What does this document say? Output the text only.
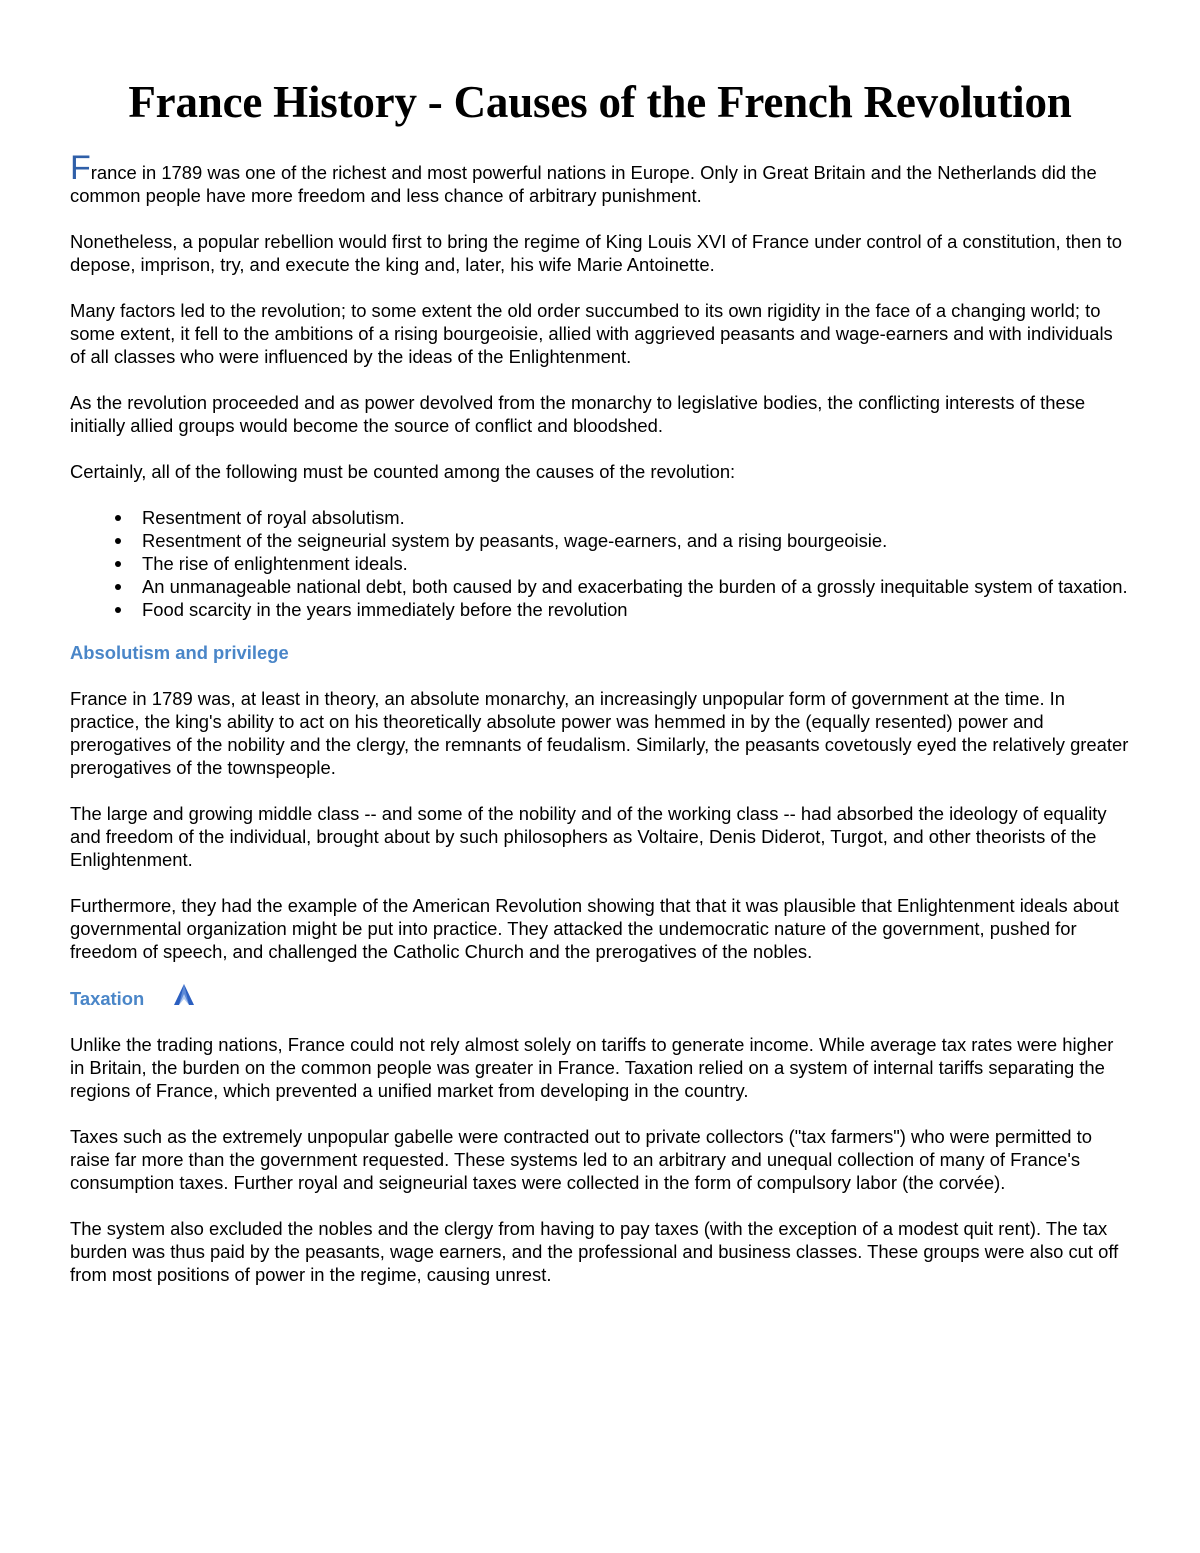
France History - Causes of the French Revolution

France in 1789 was one of the richest and most powerful nations in Europe. Only in Great Britain and the Netherlands did the common people have more freedom and less chance of arbitrary punishment.

Nonetheless, a popular rebellion would first to bring the regime of King Louis XVI of France under control of a constitution, then to depose, imprison, try, and execute the king and, later, his wife Marie Antoinette.

Many factors led to the revolution; to some extent the old order succumbed to its own rigidity in the face of a changing world; to some extent, it fell to the ambitions of a rising bourgeoisie, allied with aggrieved peasants and wage-earners and with individuals of all classes who were influenced by the ideas of the Enlightenment.

As the revolution proceeded and as power devolved from the monarchy to legislative bodies, the conflicting interests of these initially allied groups would become the source of conflict and bloodshed.

Certainly, all of the following must be counted among the causes of the revolution:

Resentment of royal absolutism.
Resentment of the seigneurial system by peasants, wage-earners, and a rising bourgeoisie.
The rise of enlightenment ideals.
An unmanageable national debt, both caused by and exacerbating the burden of a grossly inequitable system of taxation.
Food scarcity in the years immediately before the revolution
Absolutism and privilege

France in 1789 was, at least in theory, an absolute monarchy, an increasingly unpopular form of government at the time. In practice, the king's ability to act on his theoretically absolute power was hemmed in by the (equally resented) power and prerogatives of the nobility and the clergy, the remnants of feudalism. Similarly, the peasants covetously eyed the relatively greater prerogatives of the townspeople.

The large and growing middle class -- and some of the nobility and of the working class -- had absorbed the ideology of equality and freedom of the individual, brought about by such philosophers as Voltaire, Denis Diderot, Turgot, and other theorists of the Enlightenment.

Furthermore, they had the example of the American Revolution showing that that it was plausible that Enlightenment ideals about governmental organization might be put into practice. They attacked the undemocratic nature of the government, pushed for freedom of speech, and challenged the Catholic Church and the prerogatives of the nobles.

Taxation

Unlike the trading nations, France could not rely almost solely on tariffs to generate income. While average tax rates were higher in Britain, the burden on the common people was greater in France. Taxation relied on a system of internal tariffs separating the regions of France, which prevented a unified market from developing in the country.

Taxes such as the extremely unpopular gabelle were contracted out to private collectors ("tax farmers") who were permitted to raise far more than the government requested. These systems led to an arbitrary and unequal collection of many of France's consumption taxes. Further royal and seigneurial taxes were collected in the form of compulsory labor (the corvée).

The system also excluded the nobles and the clergy from having to pay taxes (with the exception of a modest quit rent). The tax burden was thus paid by the peasants, wage earners, and the professional and business classes. These groups were also cut off from most positions of power in the regime, causing unrest.
